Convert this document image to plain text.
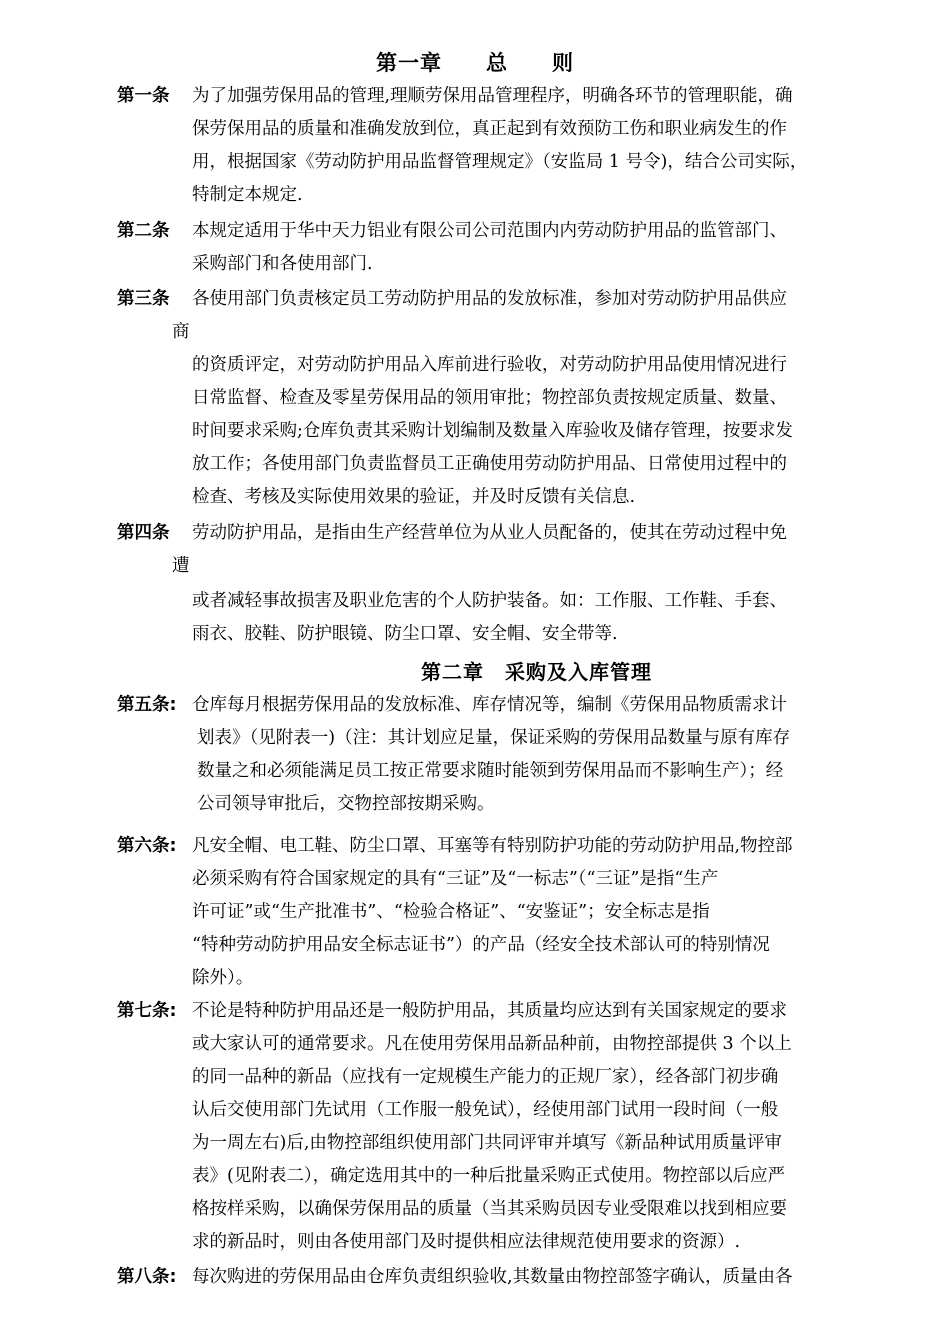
第一章　　总　　则
第一条 为了加强劳保用品的管理,理顺劳保用品管理程序，明确各环节的管理职能，确
保劳保用品的质量和准确发放到位，真正起到有效预防工伤和职业病发生的作
用，根据国家《劳动防护用品监督管理规定》（安监局 1 号令)，结合公司实际，
特制定本规定.
第二条 本规定适用于华中天力铝业有限公司公司范围内内劳动防护用品的监管部门、
采购部门和各使用部门.
第三条 各使用部门负责核定员工劳动防护用品的发放标准，参加对劳动防护用品供应
商
的资质评定，对劳动防护用品入库前进行验收，对劳动防护用品使用情况进行
日常监督、检查及零星劳保用品的领用审批；物控部负责按规定质量、数量、
时间要求采购;仓库负责其采购计划编制及数量入库验收及储存管理，按要求发
放工作；各使用部门负责监督员工正确使用劳动防护用品、日常使用过程中的
检查、考核及实际使用效果的验证，并及时反馈有关信息.
第四条 劳动防护用品，是指由生产经营单位为从业人员配备的，使其在劳动过程中免
遭
或者减轻事故损害及职业危害的个人防护装备。如：工作服、工作鞋、手套、
雨衣、胶鞋、防护眼镜、防尘口罩、安全帽、安全带等.
第二章　采购及入库管理
第五条: 仓库每月根据劳保用品的发放标准、库存情况等，编制《劳保用品物质需求计
划表》（见附表一)（注：其计划应足量，保证采购的劳保用品数量与原有库存
数量之和必须能满足员工按正常要求随时能领到劳保用品而不影响生产）；经
公司领导审批后，交物控部按期采购。
第六条: 凡安全帽、电工鞋、防尘口罩、耳塞等有特别防护功能的劳动防护用品,物控部
必须采购有符合国家规定的具有“三证”及“一标志”（“三证”是指“生产
许可证”或“生产批准书”、“检验合格证”、“安鉴证”；安全标志是指
“特种劳动防护用品安全标志证书”）的产品（经安全技术部认可的特别情况
除外）。
第七条: 不论是特种防护用品还是一般防护用品，其质量均应达到有关国家规定的要求
或大家认可的通常要求。凡在使用劳保用品新品种前，由物控部提供 3 个以上
的同一品种的新品（应找有一定规模生产能力的正规厂家），经各部门初步确
认后交使用部门先试用（工作服一般免试），经使用部门试用一段时间（一般
为一周左右)后,由物控部组织使用部门共同评审并填写《新品种试用质量评审
表》(见附表二），确定选用其中的一种后批量采购正式使用。物控部以后应严
格按样采购，以确保劳保用品的质量（当其采购员因专业受限难以找到相应要
求的新品时，则由各使用部门及时提供相应法律规范使用要求的资源）.
第八条: 每次购进的劳保用品由仓库负责组织验收,其数量由物控部签字确认，质量由各
